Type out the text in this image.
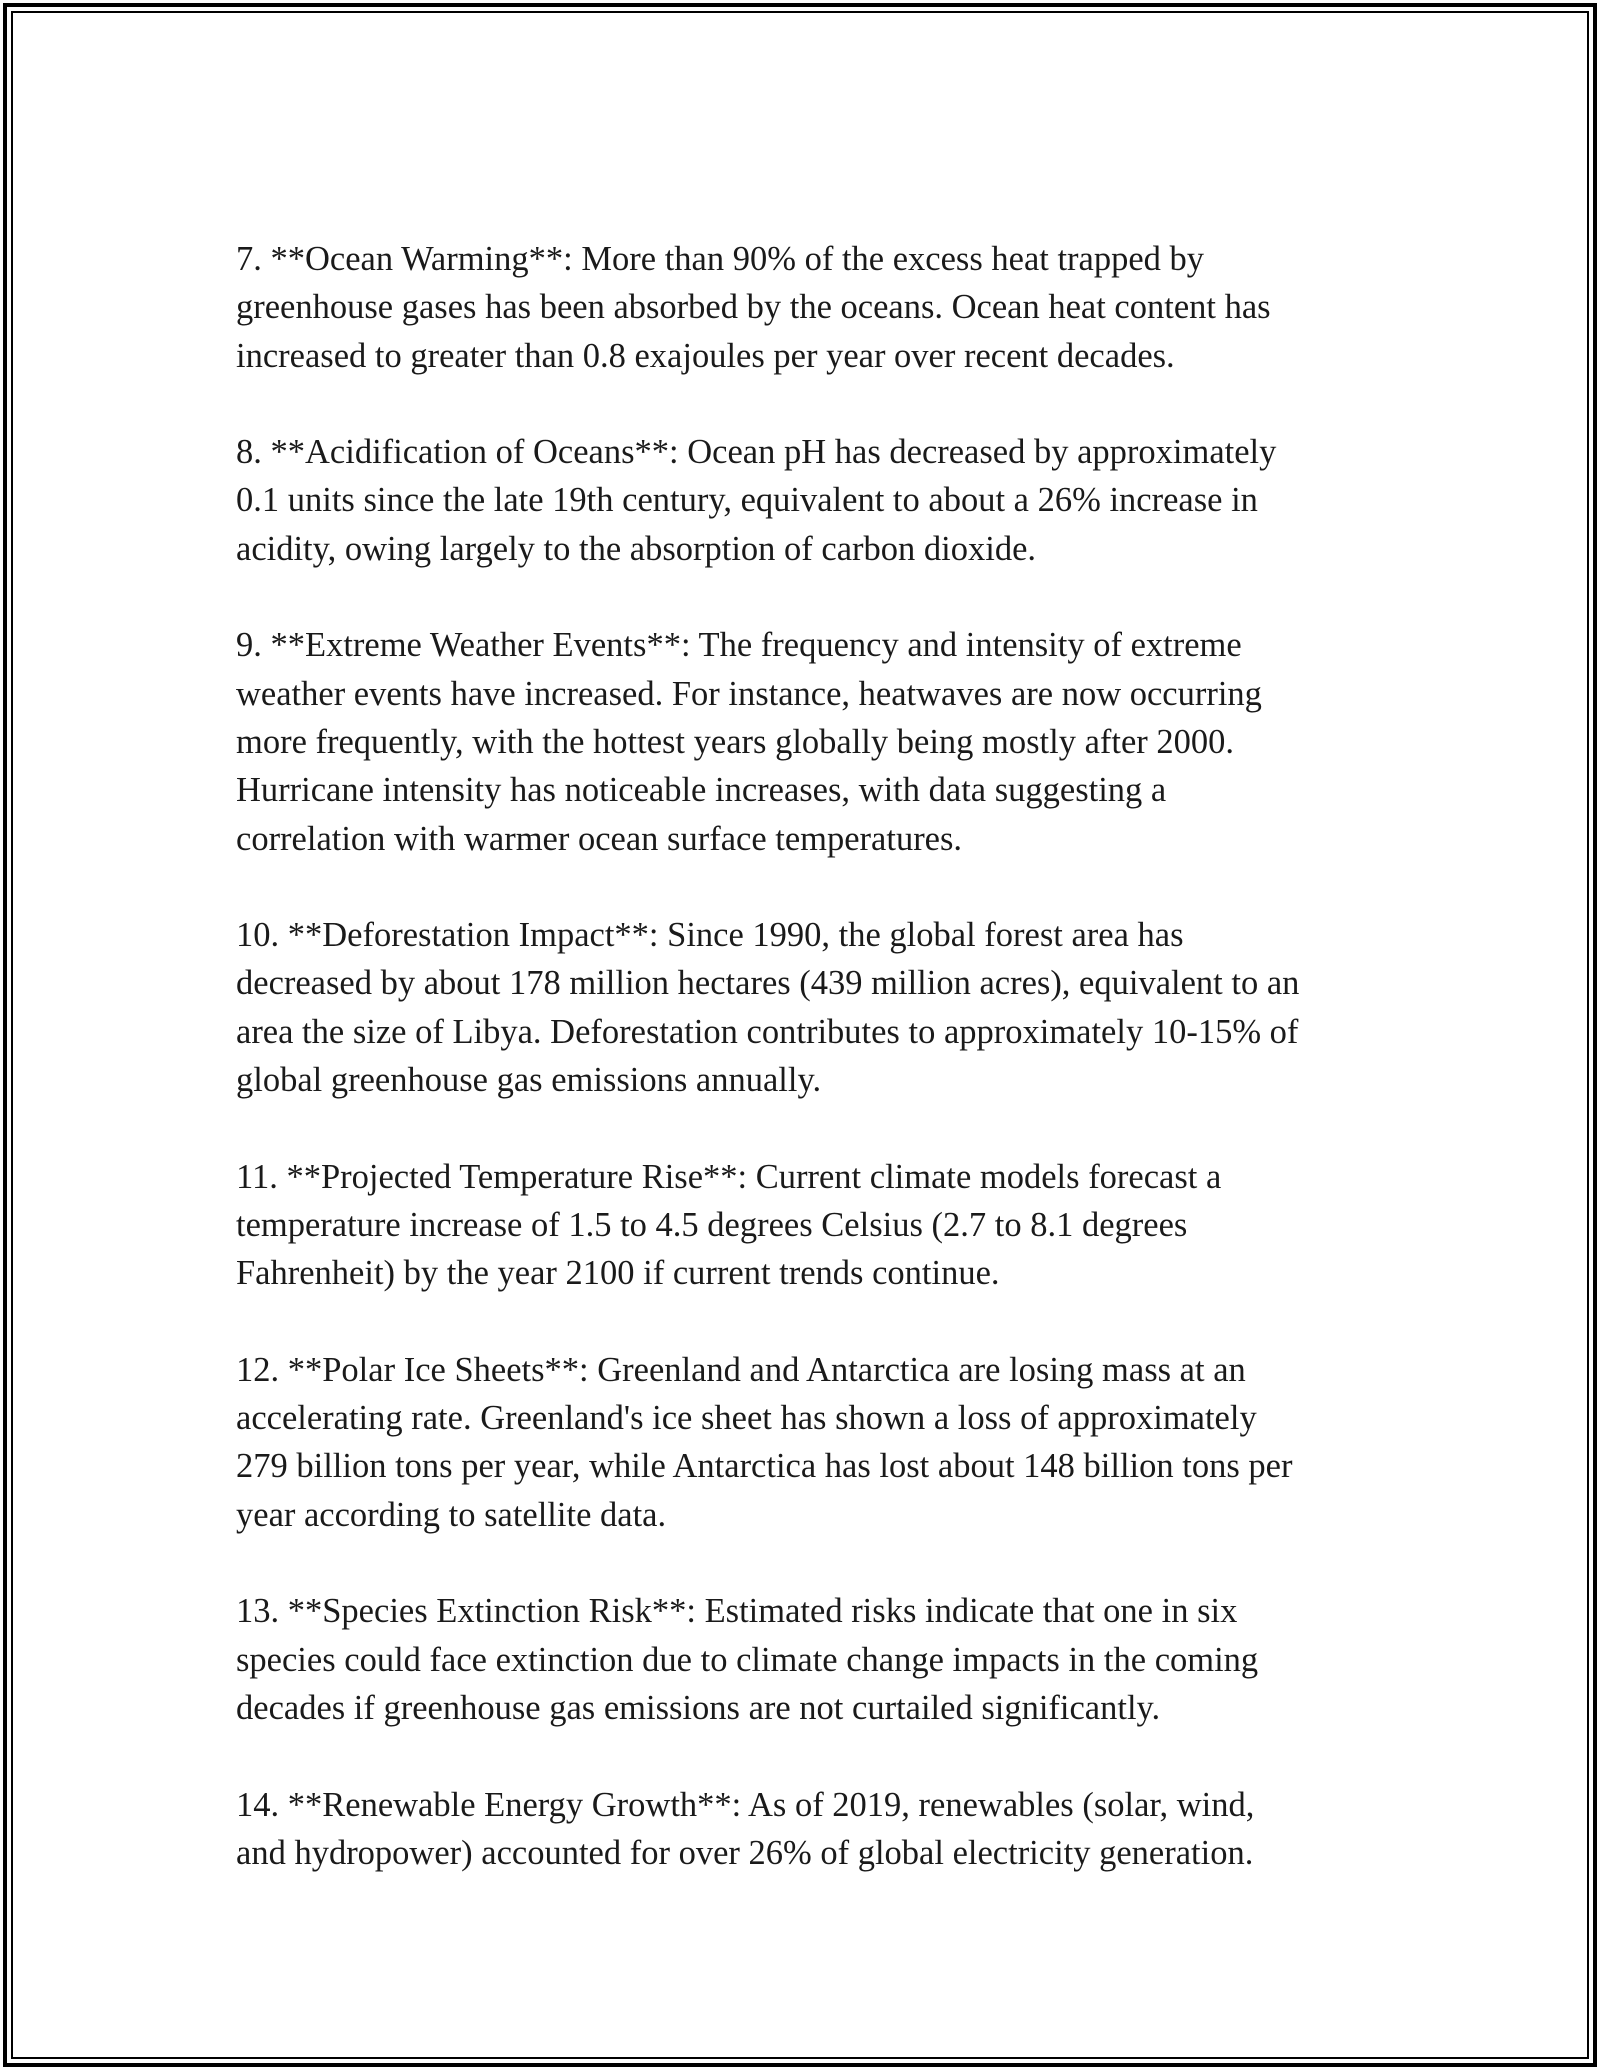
7. **Ocean Warming**: More than 90% of the excess heat trapped by
greenhouse gases has been absorbed by the oceans. Ocean heat content has
increased to greater than 0.8 exajoules per year over recent decades.

8. **Acidification of Oceans**: Ocean pH has decreased by approximately
0.1 units since the late 19th century, equivalent to about a 26% increase in
acidity, owing largely to the absorption of carbon dioxide.

9. **Extreme Weather Events**: The frequency and intensity of extreme
weather events have increased. For instance, heatwaves are now occurring
more frequently, with the hottest years globally being mostly after 2000.
Hurricane intensity has noticeable increases, with data suggesting a
correlation with warmer ocean surface temperatures.

10. **Deforestation Impact**: Since 1990, the global forest area has
decreased by about 178 million hectares (439 million acres), equivalent to an
area the size of Libya. Deforestation contributes to approximately 10-15% of
global greenhouse gas emissions annually.

11. **Projected Temperature Rise**: Current climate models forecast a
temperature increase of 1.5 to 4.5 degrees Celsius (2.7 to 8.1 degrees
Fahrenheit) by the year 2100 if current trends continue.

12. **Polar Ice Sheets**: Greenland and Antarctica are losing mass at an
accelerating rate. Greenland's ice sheet has shown a loss of approximately
279 billion tons per year, while Antarctica has lost about 148 billion tons per
year according to satellite data.

13. **Species Extinction Risk**: Estimated risks indicate that one in six
species could face extinction due to climate change impacts in the coming
decades if greenhouse gas emissions are not curtailed significantly.

14. **Renewable Energy Growth**: As of 2019, renewables (solar, wind,
and hydropower) accounted for over 26% of global electricity generation.
